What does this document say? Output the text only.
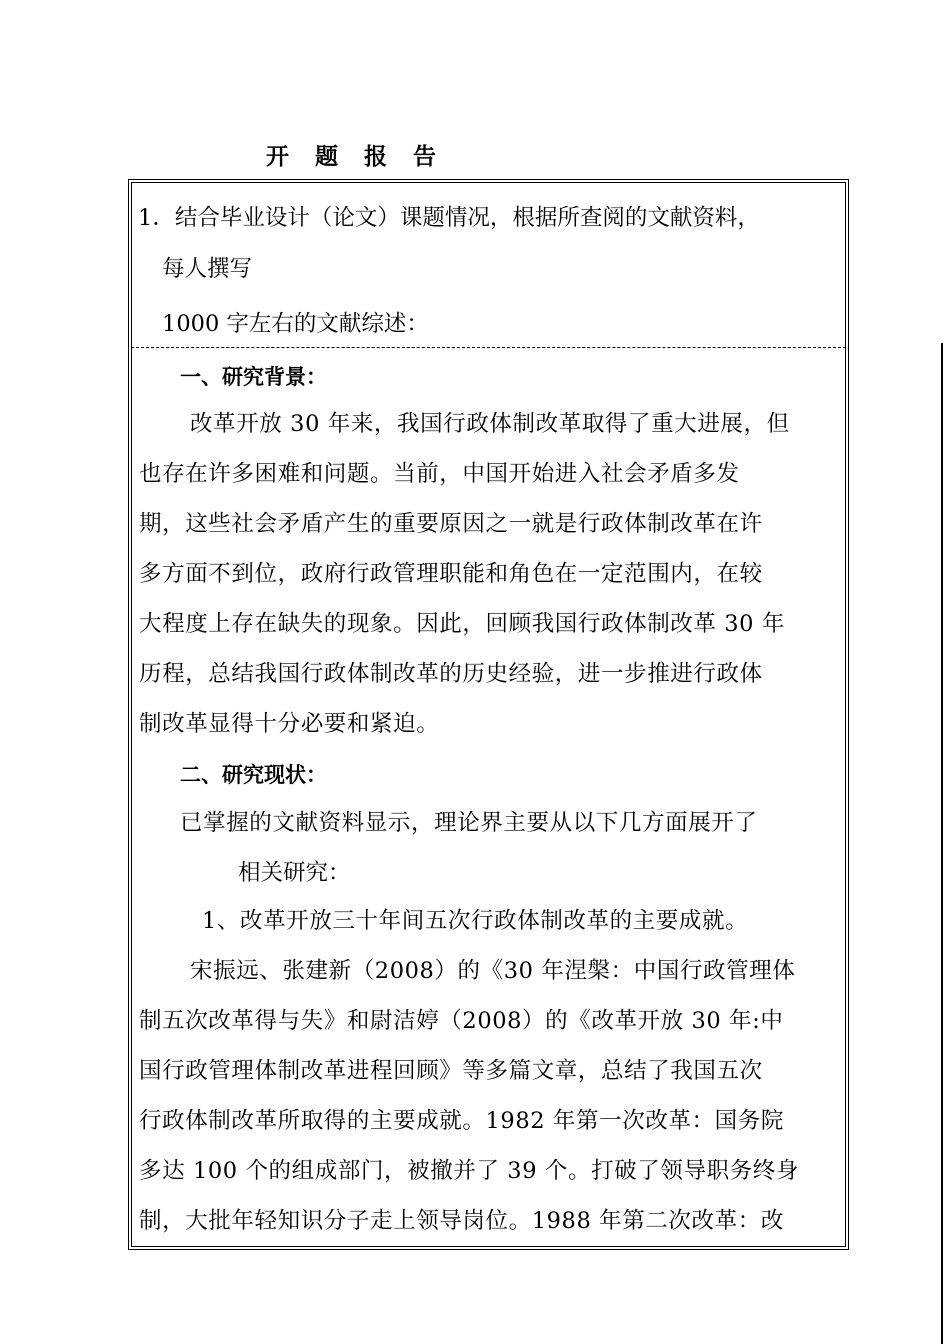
开 题 报 告
1．结合毕业设计（论文）课题情况，根据所查阅的文献资料，
每人撰写
1000 字左右的文献综述：
一、研究背景：
改革开放 30 年来，我国行政体制改革取得了重大进展，但
也存在许多困难和问题。当前，中国开始进入社会矛盾多发
期，这些社会矛盾产生的重要原因之一就是行政体制改革在许
多方面不到位，政府行政管理职能和角色在一定范围内，在较
大程度上存在缺失的现象。因此，回顾我国行政体制改革 30 年
历程，总结我国行政体制改革的历史经验，进一步推进行政体
制改革显得十分必要和紧迫。
二、研究现状：
已掌握的文献资料显示，理论界主要从以下几方面展开了
相关研究：
1、改革开放三十年间五次行政体制改革的主要成就。
宋振远、张建新（2008）的《30 年涅槃：中国行政管理体
制五次改革得与失》和尉洁婷（2008）的《改革开放 30 年:中
国行政管理体制改革进程回顾》等多篇文章，总结了我国五次
行政体制改革所取得的主要成就。1982 年第一次改革：国务院
多达 100 个的组成部门，被撤并了 39 个。打破了领导职务终身
制，大批年轻知识分子走上领导岗位。1988 年第二次改革：改
